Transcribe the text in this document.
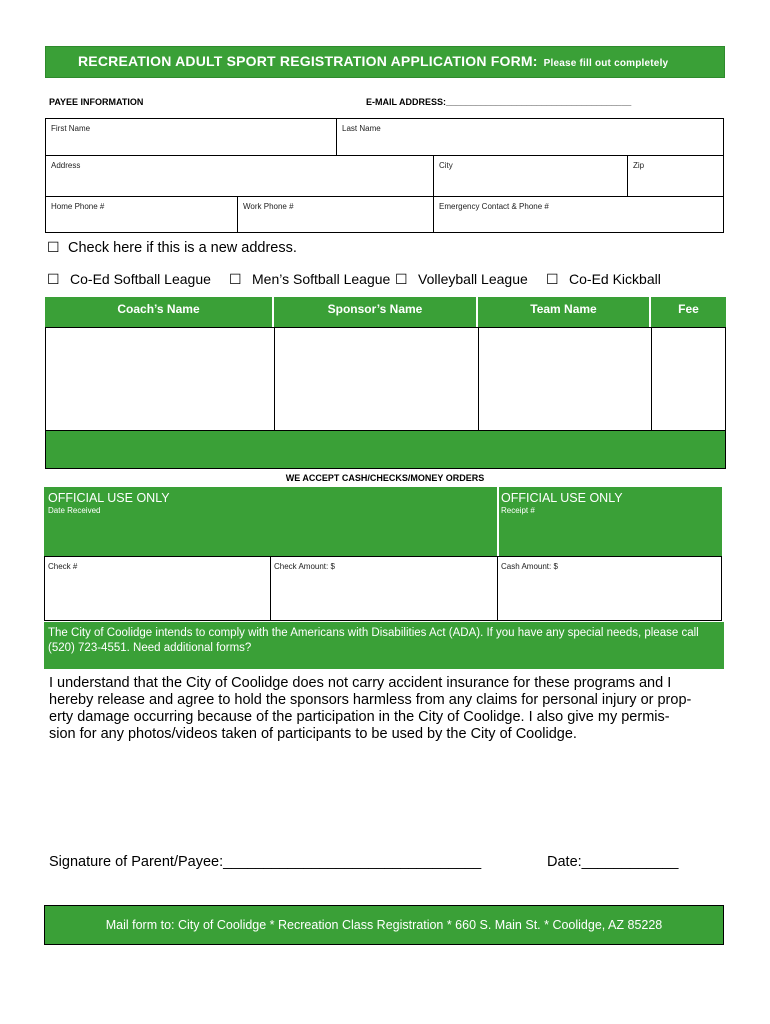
RECREATION ADULT SPORT REGISTRATION APPLICATION FORM: Please fill out completely
PAYEE INFORMATION	E-MAIL ADDRESS:_____________________________________
First Name	Last Name
Address	City	Zip
Home Phone #	Work Phone #	Emergency Contact & Phone #
☐ Check here if this is a new address.
☐ Co-Ed Softball League ☐ Men’s Softball League ☐ Volleyball League ☐ Co-Ed Kickball
Coach’s Name	Sponsor’s Name	Team Name	Fee
WE ACCEPT CASH/CHECKS/MONEY ORDERS
OFFICIAL USE ONLY
Date Received
OFFICIAL USE ONLY
Receipt #
Check #	Check Amount: $	Cash Amount: $
The City of Coolidge intends to comply with the Americans with Disabilities Act (ADA). If you have any special needs, please call (520) 723-4551. Need additional forms?
I understand that the City of Coolidge does not carry accident insurance for these programs and I
hereby release and agree to hold the sponsors harmless from any claims for personal injury or prop-
erty damage occurring because of the participation in the City of Coolidge. I also give my permis-
sion for any photos/videos taken of participants to be used by the City of Coolidge.
Signature of Parent/Payee:________________________________	Date:____________
Mail form to: City of Coolidge * Recreation Class Registration * 660 S. Main St. * Coolidge, AZ 85228
